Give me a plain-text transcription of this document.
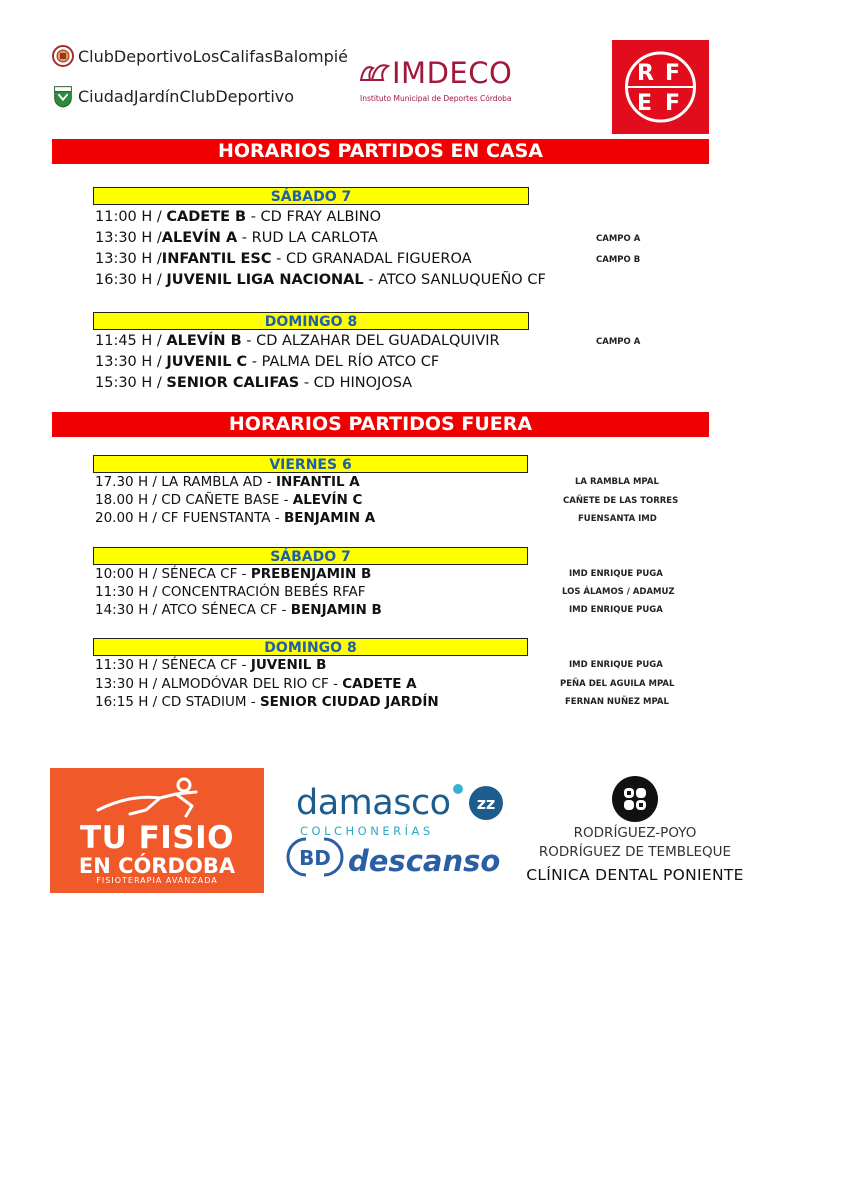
ClubDeportivoLosCalifasBalompié
CiudadJardínClubDeportivo
IMDECO
Instituto Municipal de Deportes Córdoba
R F
E F
HORARIOS PARTIDOS EN CASA
SÁBADO 7
11:00 H / CADETE B - CD FRAY ALBINO
13:30 H /ALEVÍN A - RUD LA CARLOTA	CAMPO A
13:30 H /INFANTIL ESC - CD GRANADAL FIGUEROA	CAMPO B
16:30 H / JUVENIL LIGA NACIONAL - ATCO SANLUQUEÑO CF
DOMINGO 8
11:45 H / ALEVÍN B - CD ALZAHAR DEL GUADALQUIVIR	CAMPO A
13:30 H / JUVENIL C - PALMA DEL RÍO ATCO CF
15:30 H / SENIOR CALIFAS - CD HINOJOSA
HORARIOS PARTIDOS FUERA
VIERNES 6
17.30 H / LA RAMBLA AD - INFANTIL A	LA RAMBLA MPAL
18.00 H / CD CAÑETE BASE - ALEVÍN C	CAÑETE DE LAS TORRES
20.00 H / CF FUENSTANTA - BENJAMIN A	FUENSANTA IMD
SÁBADO 7
10:00 H / SÉNECA CF - PREBENJAMIN B	IMD ENRIQUE PUGA
11:30 H / CONCENTRACIÓN BEBÉS RFAF	LOS ÁLAMOS / ADAMUZ
14:30 H / ATCO SÉNECA CF - BENJAMIN B	IMD ENRIQUE PUGA
DOMINGO 8
11:30 H / SÉNECA CF - JUVENIL B	IMD ENRIQUE PUGA
13:30 H / ALMODÓVAR DEL RIO CF - CADETE A	PEÑA DEL AGUILA MPAL
16:15 H / CD STADIUM - SENIOR CIUDAD JARDÍN	FERNAN NUÑEZ MPAL
TU FISIO
EN CÓRDOBA
FISIOTERAPIA AVANZADA
damasco zz
COLCHONERÍAS
BD descanso
RODRÍGUEZ-POYO
RODRÍGUEZ DE TEMBLEQUE
CLÍNICA DENTAL PONIENTE
